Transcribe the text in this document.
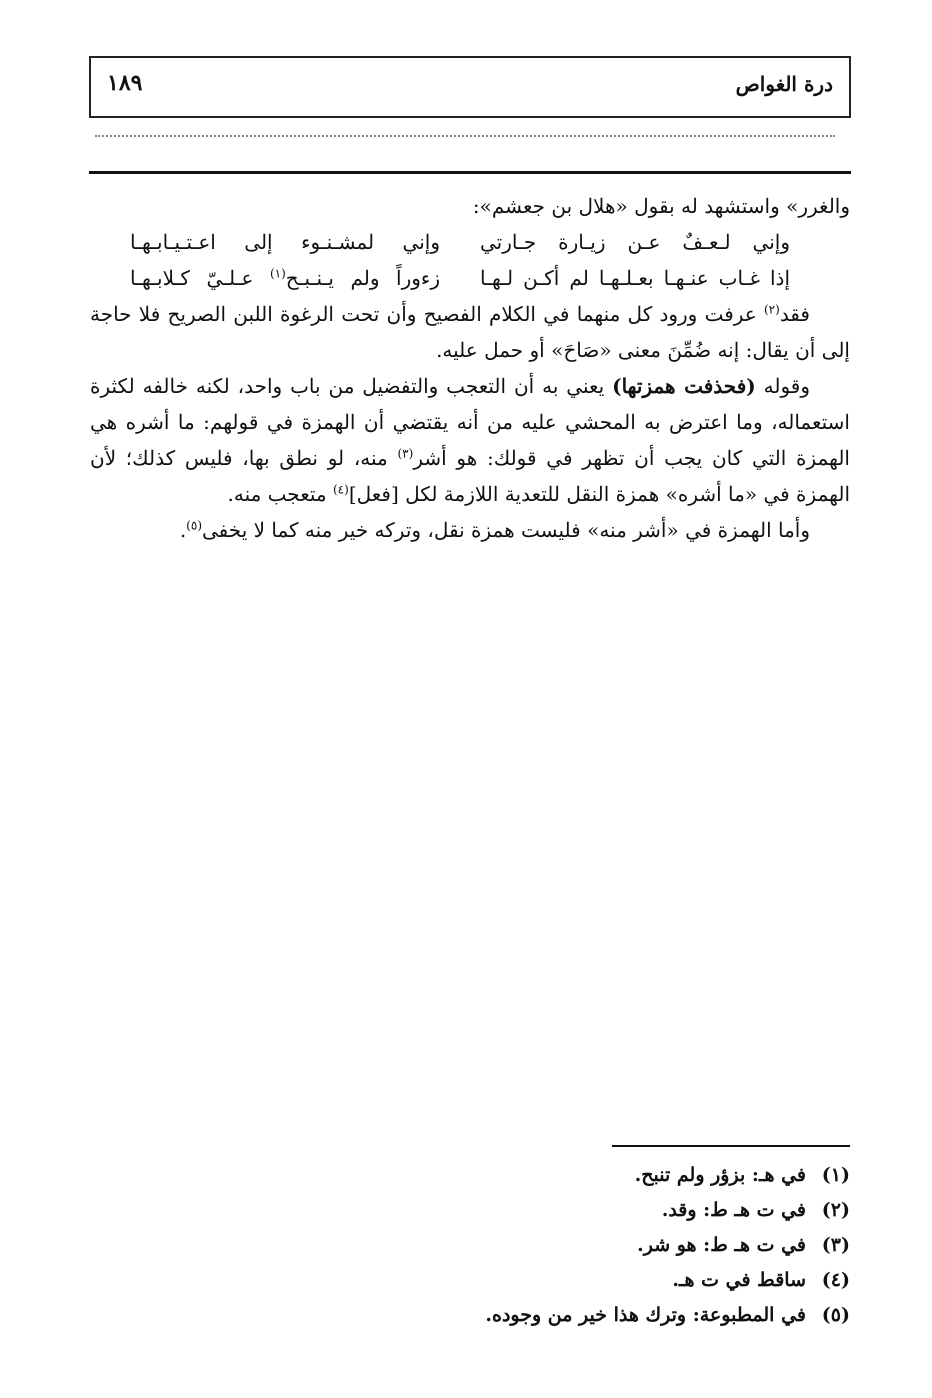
درة الغواص
١٨٩

والغرر» واستشهد له بقول «هلال بن جعشم»:

وإني لـعـفٌ عـن زيـارة جـارتي
وإني لمشـنـوء إلى اعـتـيـابـهـا
إذا غـاب عنـهـا بعـلـهـا لم أكـن لـهـا
زءوراً ولم يـنـبـح$^{(١)}$ عـلـيّ كـلابـهـا

فقد$^{(٢)}$ عرفت ورود كل منهما في الكلام الفصيح وأن تحت الرغوة اللبن الصريح فلا حاجة إلى أن يقال: إنه ضُمِّنَ معنى «صَاحَ» أو حمل عليه.

وقوله (فحذفت همزتها) يعني به أن التعجب والتفضيل من باب واحد، لكنه خالفه لكثرة استعماله، وما اعترض به المحشي عليه من أنه يقتضي أن الهمزة في قولهم: ما أشره هي الهمزة التي كان يجب أن تظهر في قولك: هو أشر$^{(٣)}$ منه، لو نطق بها، فليس كذلك؛ لأن الهمزة في «ما أشره» همزة النقل للتعدية اللازمة لكل [فعل]$^{(٤)}$ متعجب منه.

وأما الهمزة في «أشر منه» فليست همزة نقل، وتركه خير منه كما لا يخفى$^{(٥)}$.

(١)
في هـ: بزؤر ولم تنبح.
(٢)
في ت هـ ط: وقد.
(٣)
في ت هـ ط: هو شر.
(٤)
ساقط في ت هـ.
(٥)
في المطبوعة: وترك هذا خير من وجوده.
